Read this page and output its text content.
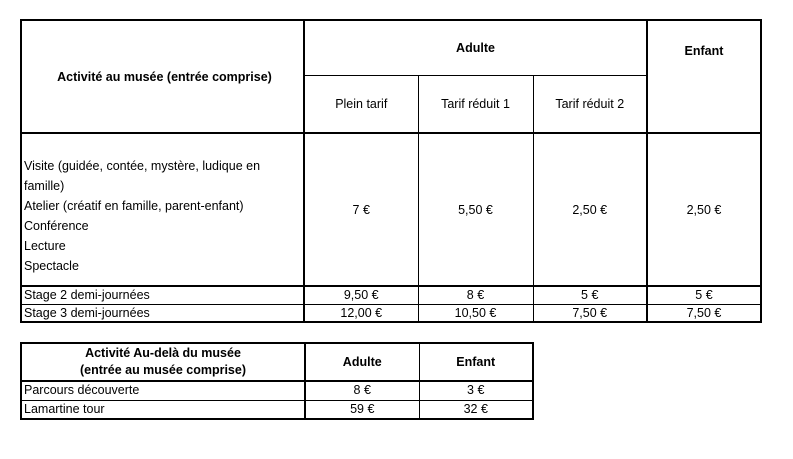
Activité au musée (entrée comprise)	Adulte			Enfant
	Plein tarif	Tarif réduit 1	Tarif réduit 2	

Visite (guidée, contée, mystère, ludique en famille)
Atelier (créatif en famille, parent-enfant)
Conférence
Lecture
Spectacle	7 €	5,50 €	2,50 €	2,50 €
Stage 2 demi-journées	9,50 €	8 €	5 €	5 €
Stage 3 demi-journées	12,00 €	10,50 €	7,50 €	7,50 €
Activité Au-delà du musée
(entrée au musée comprise)	Adulte	Enfant
Parcours découverte	8 €	3 €
Lamartine tour	59 €	32 €
